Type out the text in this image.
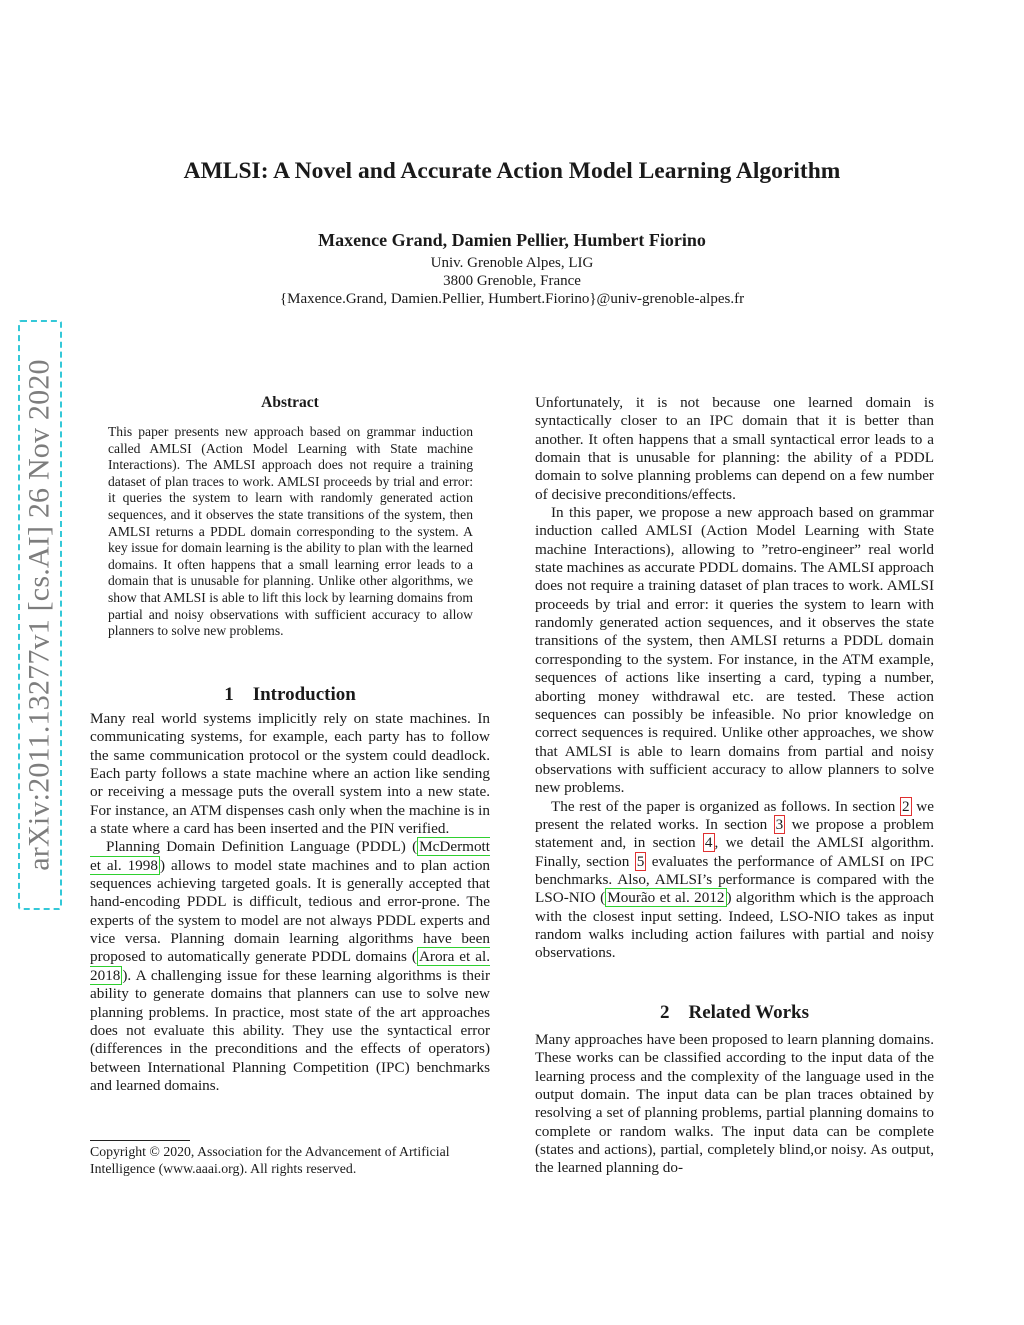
arXiv:2011.13277v1 [cs.AI] 26 Nov 2020
AMLSI: A Novel and Accurate Action Model Learning Algorithm
Maxence Grand, Damien Pellier, Humbert Fiorino
Univ. Grenoble Alpes, LIG
3800 Grenoble, France
{Maxence.Grand, Damien.Pellier, Humbert.Fiorino}@univ-grenoble-alpes.fr
Abstract

This paper presents new approach based on grammar induction called AMLSI (Action Model Learning with State machine Interactions). The AMLSI approach does not require a training dataset of plan traces to work. AMLSI proceeds by trial and error: it queries the system to learn with randomly generated action sequences, and it observes the state transitions of the system, then AMLSI returns a PDDL domain corresponding to the system. A key issue for domain learning is the ability to plan with the learned domains. It often happens that a small learning error leads to a domain that is unusable for planning. Unlike other algorithms, we show that AMLSI is able to lift this lock by learning domains from partial and noisy observations with sufficient accuracy to allow planners to solve new problems.

1    Introduction

Many real world systems implicitly rely on state machines. In communicating systems, for example, each party has to follow the same communication protocol or the system could deadlock. Each party follows a state machine where an action like sending or receiving a message puts the overall system into a new state. For instance, an ATM dispenses cash only when the machine is in a state where a card has been inserted and the PIN verified.

Planning Domain Definition Language (PDDL) ( McDermott et al. 1998 ) allows to model state machines and to plan action sequences achieving targeted goals. It is generally accepted that hand-encoding PDDL is difficult, tedious and error-prone. The experts of the system to model are not always PDDL experts and vice versa. Planning domain learning algorithms have been proposed to automatically generate PDDL domains ( Arora et al. 2018 ). A challenging issue for these learning algorithms is their ability to generate domains that planners can use to solve new planning problems. In practice, most state of the art approaches does not evaluate this ability. They use the syntactical error (differences in the preconditions and the effects of operators) between International Planning Competition (IPC) benchmarks and learned domains.

Copyright © 2020, Association for the Advancement of Artificial Intelligence (www.aaai.org). All rights reserved.

Unfortunately, it is not because one learned domain is syntactically closer to an IPC domain that it is better than another. It often happens that a small syntactical error leads to a domain that is unusable for planning: the ability of a PDDL domain to solve planning problems can depend on a few number of decisive preconditions/effects.

In this paper, we propose a new approach based on grammar induction called AMLSI (Action Model Learning with State machine Interactions), allowing to ”retro-engineer” real world state machines as accurate PDDL domains. The AMLSI approach does not require a training dataset of plan traces to work. AMLSI proceeds by trial and error: it queries the system to learn with randomly generated action sequences, and it observes the state transitions of the system, then AMLSI returns a PDDL domain corresponding to the system. For instance, in the ATM example, sequences of actions like inserting a card, typing a number, aborting money withdrawal etc. are tested. These action sequences can possibly be infeasible. No prior knowledge on correct sequences is required. Unlike other approaches, we show that AMLSI is able to learn domains from partial and noisy observations with sufficient accuracy to allow planners to solve new problems.

The rest of the paper is organized as follows. In section 2 we present the related works. In section 3 we propose a problem statement and, in section 4 , we detail the AMLSI algorithm. Finally, section 5 evaluates the performance of AMLSI on IPC benchmarks. Also, AMLSI’s performance is compared with the LSO-NIO ( Mourão et al. 2012 ) algorithm which is the approach with the closest input setting. Indeed, LSO-NIO takes as input random walks including action failures with partial and noisy observations.

2    Related Works

Many approaches have been proposed to learn planning domains. These works can be classified according to the input data of the learning process and the complexity of the language used in the output domain. The input data can be plan traces obtained by resolving a set of planning problems, partial planning domains to complete or random walks. The input data can be complete (states and actions), partial, completely blind,or noisy. As output, the learned planning do-
